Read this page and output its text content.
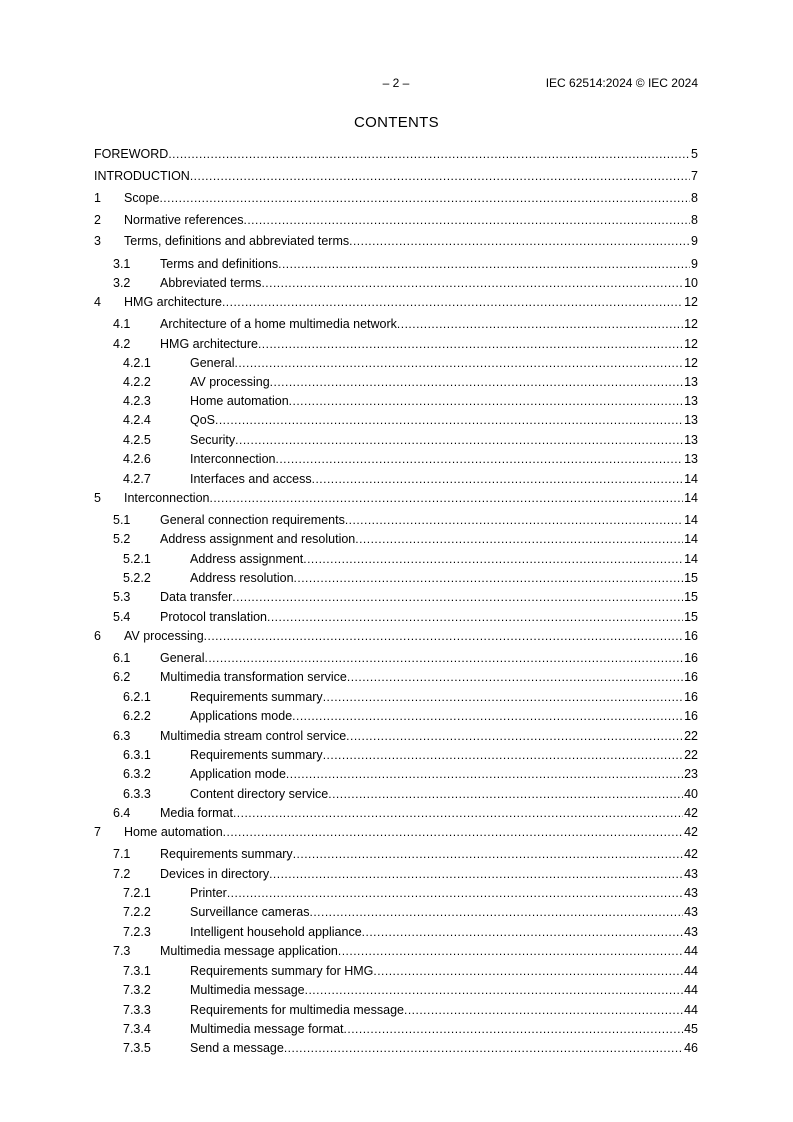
– 2 –	IEC 62514:2024 © IEC 2024
CONTENTS
FOREWORD .....	5
INTRODUCTION .....	7
1 Scope .....	8
2 Normative references .....	8
3 Terms, definitions and abbreviated terms .....	9
3.1 Terms and definitions .....	9
3.2 Abbreviated terms .....	10
4 HMG architecture .....	12
4.1 Architecture of a home multimedia network .....	12
4.2 HMG architecture .....	12
4.2.1	General .....	12
4.2.2	AV processing .....	13
4.2.3	Home automation .....	13
4.2.4	QoS .....	13
4.2.5	Security .....	13
4.2.6	Interconnection .....	13
4.2.7	Interfaces and access .....	14
5 Interconnection .....	14
5.1 General connection requirements .....	14
5.2 Address assignment and resolution .....	14
5.2.1	Address assignment .....	14
5.2.2	Address resolution .....	15
5.3 Data transfer .....	15
5.4 Protocol translation .....	15
6 AV processing .....	16
6.1 General .....	16
6.2 Multimedia transformation service .....	16
6.2.1	Requirements summary .....	16
6.2.2	Applications mode .....	16
6.3 Multimedia stream control service .....	22
6.3.1	Requirements summary .....	22
6.3.2	Application mode .....	23
6.3.3	Content directory service .....	40
6.4 Media format .....	42
7 Home automation .....	42
7.1 Requirements summary .....	42
7.2 Devices in directory .....	43
7.2.1	Printer .....	43
7.2.2	Surveillance cameras .....	43
7.2.3	Intelligent household appliance .....	43
7.3 Multimedia message application .....	44
7.3.1	Requirements summary for HMG .....	44
7.3.2	Multimedia message .....	44
7.3.3	Requirements for multimedia message .....	44
7.3.4	Multimedia message format .....	45
7.3.5	Send a message .....	46
